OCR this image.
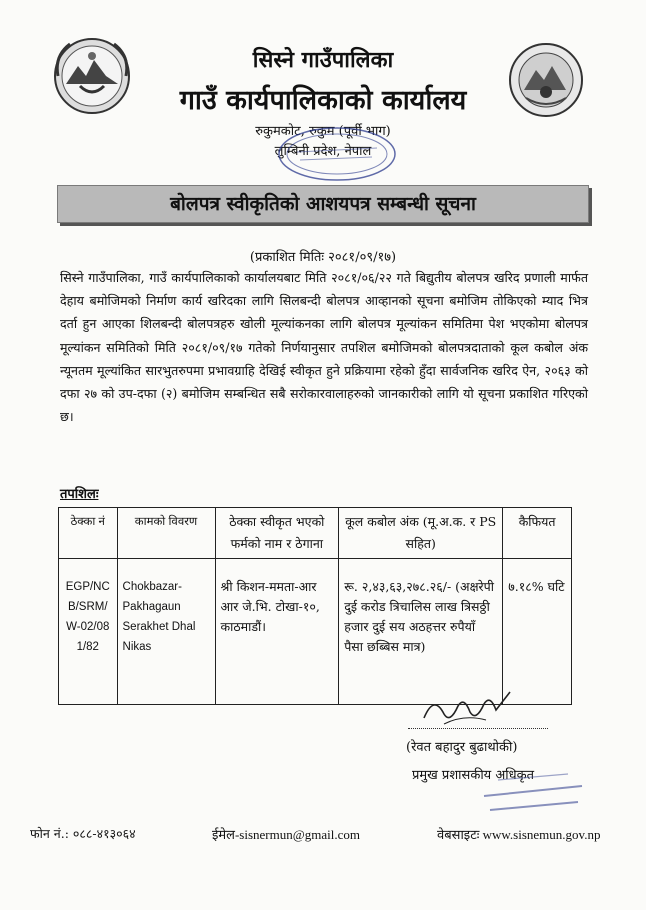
सिस्ने गाउँपालिका
गाउँ कार्यपालिकाको कार्यालय
रुकुमकोट, रुकुम (पूर्वी भाग)
लुम्बिनी प्रदेश, नेपाल
बोलपत्र स्वीकृतिको आशयपत्र सम्बन्धी सूचना
(प्रकाशित मितिः २०८१/०९/१७)
सिस्ने गाउँपालिका, गाउँ कार्यपालिकाको कार्यालयबाट मिति २०८१/०६/२२ गते बिद्युतीय बोलपत्र खरिद प्रणाली मार्फत देहाय बमोजिमको निर्माण कार्य खरिदका लागि सिलबन्दी बोलपत्र आव्हानको सूचना बमोजिम तोकिएको म्याद भित्र दर्ता हुन आएका शिलबन्दी बोलपत्रहरु खोली मूल्यांकनका लागि बोलपत्र मूल्यांकन समितिमा पेश भएकोमा बोलपत्र मूल्यांकन समितिको मिति २०८१/०९/१७ गतेको निर्णयानुसार तपशिल बमोजिमको बोलपत्रदाताको कूल कबोल अंक न्यूनतम मूल्यांकित सारभुतरुपमा प्रभावग्राहि देखिई स्वीकृत हुने प्रक्रियामा रहेको हुँदा सार्वजनिक खरिद ऐन, २०६३ को दफा २७ को उप-दफा (२) बमोजिम सम्बन्धित सबै सरोकारवालाहरुको जानकारीको लागि यो सूचना प्रकाशित गरिएको छ।
तपशिलः
ठेक्का नं	कामको विवरण	ठेक्का स्वीकृत भएको फर्मको नाम र ठेगाना	कूल कबोल अंक (मू.अ.क. र PS सहित)	कैफियत
EGP/NCB/SRM/W-02/081/82	Chokbazar-Pakhagaun Serakhet Dhal Nikas	श्री किशन-ममता-आर आर जे.भि. टोखा-१०, काठमाडौं।	रू. २,४३,६३,२७८.२६/- (अक्षरेपी दुई करोड त्रिचालिस लाख त्रिसठ्ठी हजार दुई सय अठहत्तर रुपैयाँ पैसा छब्बिस मात्र)	७.१८% घटि
(रेवत बहादुर बुढाथोकी)
प्रमुख प्रशासकीय अधिकृत
फोन नं.: ०८८-४१३०६४	ईमेल-sisnermun@gmail.com	वेबसाइटः www.sisnemun.gov.np
